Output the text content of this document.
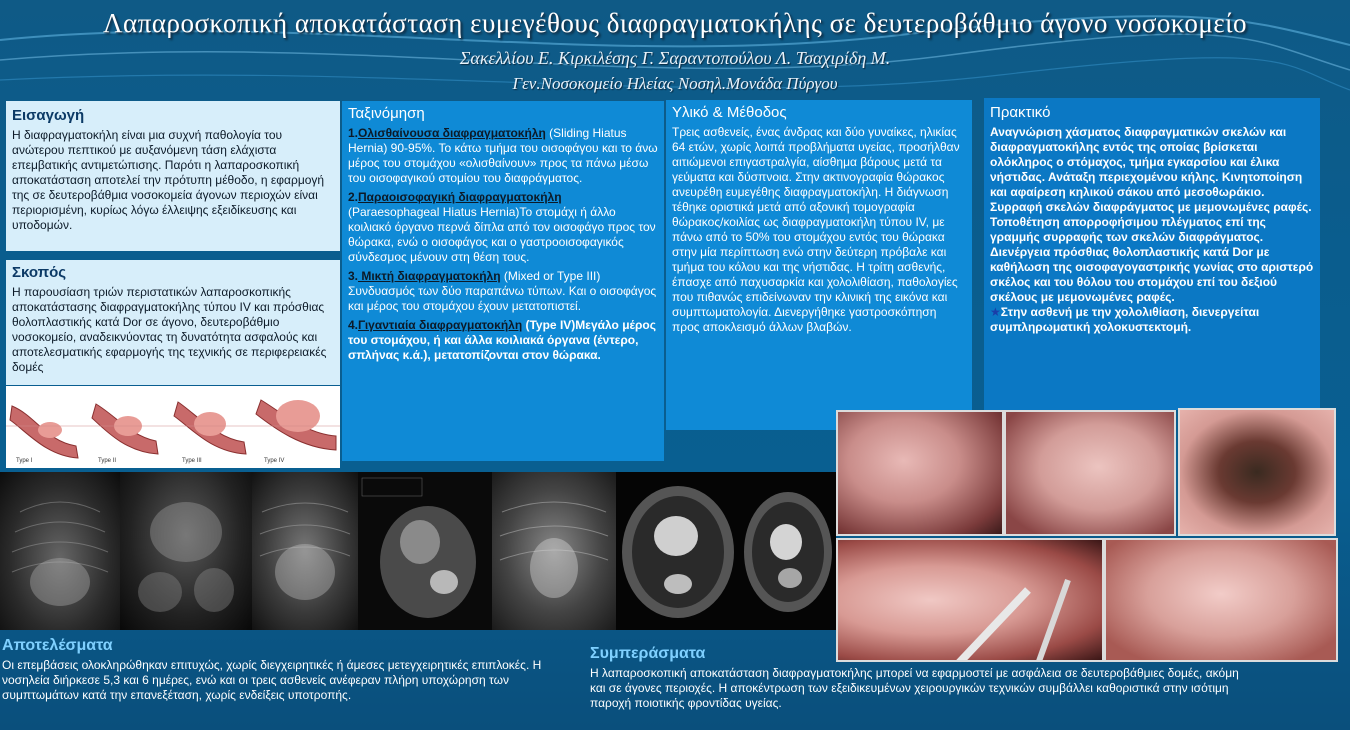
Λαπαροσκοπική αποκατάσταση ευμεγέθους διαφραγματοκήλης σε δευτεροβάθμιο άγονο νοσοκομείο
Σακελλίου Ε. Κιρκιλέσης Γ. Σαραντοπούλου Λ. Τσαχιρίδη Μ.
Γεν.Νοσοκομείο Ηλείας Νοσηλ.Μονάδα Πύργου
Εισαγωγή

Η διαφραγματοκήλη είναι μια συχνή παθολογία του ανώτερου πεπτικού με αυξανόμενη τάση ελάχιστα επεμβατικής αντιμετώπισης. Παρότι η λαπαροσκοπική αποκατάσταση αποτελεί την πρότυπη μέθοδο, η εφαρμογή της σε δευτεροβάθμια νοσοκομεία άγονων περιοχών είναι περιορισμένη, κυρίως λόγω έλλειψης εξειδίκευσης και υποδομών.

Σκοπός

Η παρουσίαση τριών περιστατικών λαπαροσκοπικής αποκατάστασης διαφραγματοκήλης τύπου IV και πρόσθιας θολοπλαστικής κατά Dor σε άγονο, δευτεροβάθμιο νοσοκομείο, αναδεικνύοντας τη δυνατότητα ασφαλούς και αποτελεσματικής εφαρμογής της τεχνικής σε περιφερειακές δομές

Type I	Type II	Type III	Type IV
Ταξινόμηση
1.Ολισθαίνουσα διαφραγματοκήλη (Sliding Hiatus Hernia) 90-95%. Το κάτω τμήμα του οισοφάγου και το άνω μέρος του στομάχου «ολισθαίνουν» προς τα πάνω μέσω του οισοφαγικού στομίου του διαφράγματος.
2.Παραοισοφαγική διαφραγματοκήλη
(Paraesophageal Hiatus Hernia)Το στομάχι ή άλλο κοιλιακό όργανο περνά δίπλα από τον οισοφάγο προς τον θώρακα, ενώ ο οισοφάγος και ο γαστροοισοφαγικός σύνδεσμος μένουν στη θέση τους.
3. Μικτή διαφραγματοκήλη (Mixed or Type III) Συνδυασμός των δύο παραπάνω τύπων. Και ο οισοφάγος και μέρος του στομάχου έχουν μετατοπιστεί.
4.Γιγαντιαία διαφραγματοκήλη (Type IV)Μεγάλο μέρος του στομάχου, ή και άλλα κοιλιακά όργανα (έντερο, σπλήνας κ.ά.), μετατοπίζονται στον θώρακα.
Υλικό & Μέθοδος

Τρεις ασθενείς, ένας άνδρας και δύο γυναίκες, ηλικίας 64 ετών, χωρίς λοιπά προβλήματα υγείας, προσήλθαν αιτιώμενοι επιγαστραλγία, αίσθημα βάρους μετά τα γεύματα και δύσπνοια. Στην ακτινογραφία θώρακος ανευρέθη ευμεγέθης διαφραγματοκήλη. Η διάγνωση τέθηκε οριστικά μετά από αξονική τομογραφία θώρακος/κοιλίας ως διαφραγματοκήλη τύπου IV, με πάνω από το 50% του στομάχου εντός του θώρακα στην μία περίπτωση ενώ στην δεύτερη πρόβαλε και τμήμα του κόλου και της νήστιδας. Η τρίτη ασθενής, έπασχε από παχυσαρκία και χολολιθίαση, παθολογίες που πιθανώς επιδείνωναν την κλινική της εικόνα και συμπτωματολογία. Διενεργήθηκε γαστροσκόπηση προς αποκλεισμό άλλων βλαβών.

Πρακτικό

Αναγνώριση χάσματος διαφραγματικών σκελών και διαφραγματοκήλης εντός της οποίας βρίσκεται ολόκληρος ο στόμαχος, τμήμα εγκαρσίου και έλικα νήστιδας. Ανάταξη περιεχομένου κήλης. Κινητοποίηση και αφαίρεση κηλικού σάκου από μεσοθωράκιο. Συρραφή σκελών διαφράγματος με μεμονωμένες ραφές. Τοποθέτηση απορροφήσιμου πλέγματος επί της γραμμής συρραφής των σκελών διαφράγματος. Διενέργεια πρόσθιας θολοπλαστικής κατά Dor με καθήλωση της οισοφαγογαστρικής γωνίας στο αριστερό σκέλος και του θόλου του στομάχου επί του δεξιού σκέλους με μεμονωμένες ραφές.

★Στην ασθενή με την χολολιθίαση, διενεργείται συμπληρωματική χολοκυστεκτομή.

Αποτελέσματα

Οι επεμβάσεις ολοκληρώθηκαν επιτυχώς, χωρίς διεγχειρητικές ή άμεσες μετεγχειρητικές επιπλοκές. Η νοσηλεία διήρκεσε 5,3 και 6 ημέρες, ενώ και οι τρεις ασθενείς ανέφεραν πλήρη υποχώρηση των συμπτωμάτων κατά την επανεξέταση, χωρίς ενδείξεις υποτροπής.

Συμπεράσματα

Η λαπαροσκοπική αποκατάσταση διαφραγματοκήλης μπορεί να εφαρμοστεί με ασφάλεια σε δευτεροβάθμιες δομές, ακόμη και σε άγονες περιοχές. Η αποκέντρωση των εξειδικευμένων χειρουργικών τεχνικών συμβάλλει καθοριστικά στην ισότιμη παροχή ποιοτικής φροντίδας υγείας.
